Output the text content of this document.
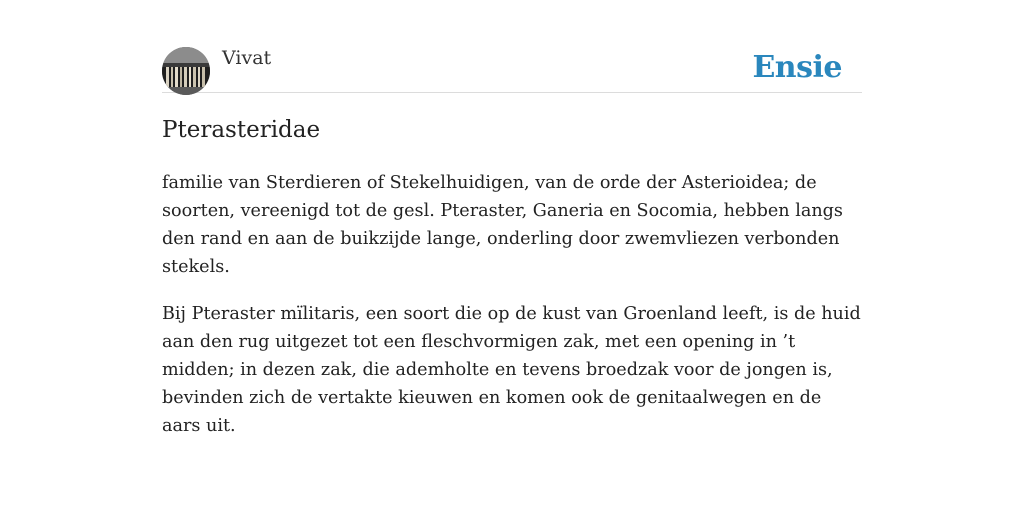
Vivat	Ensie
Pterasteridae

familie van Sterdieren of Stekelhuidigen, van de orde der Asterioidea; de soorten, vereenigd tot de gesl. Pteraster, Ganeria en Socomia, hebben langs den rand en aan de buikzijde lange, onderling door zwemvliezen verbonden stekels.

Bij Pteraster mïlitaris, een soort die op de kust van Groenland leeft, is de huid aan den rug uitgezet tot een fleschvormigen zak, met een opening in ’t midden; in dezen zak, die ademholte en tevens broedzak voor de jongen is, bevinden zich de vertakte kieuwen en komen ook de genitaalwegen en de aars uit.
